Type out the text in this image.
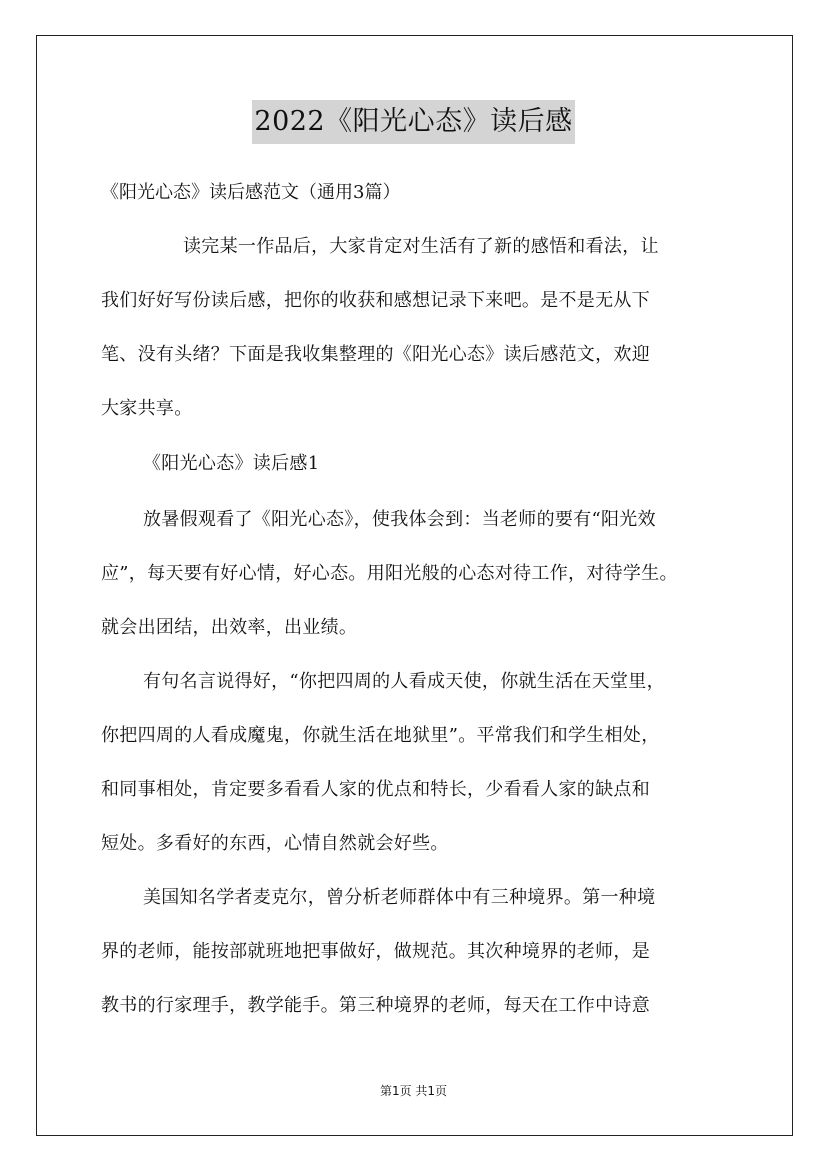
2022《阳光心态》读后感
《阳光心态》读后感范文（通用3篇）
读完某一作品后，大家肯定对生活有了新的感悟和看法，让
我们好好写份读后感，把你的收获和感想记录下来吧。是不是无从下
笔、没有头绪？下面是我收集整理的《阳光心态》读后感范文，欢迎
大家共享。
《阳光心态》读后感1
放暑假观看了《阳光心态》，使我体会到：当老师的要有“阳光效
应”，每天要有好心情，好心态。用阳光般的心态对待工作，对待学生。
就会出团结，出效率，出业绩。
有句名言说得好，“你把四周的人看成天使，你就生活在天堂里，
你把四周的人看成魔鬼，你就生活在地狱里”。平常我们和学生相处，
和同事相处，肯定要多看看人家的优点和特长，少看看人家的缺点和
短处。多看好的东西，心情自然就会好些。
美国知名学者麦克尔，曾分析老师群体中有三种境界。第一种境
界的老师，能按部就班地把事做好，做规范。其次种境界的老师，是
教书的行家理手，教学能手。第三种境界的老师，每天在工作中诗意
第1页 共1页
